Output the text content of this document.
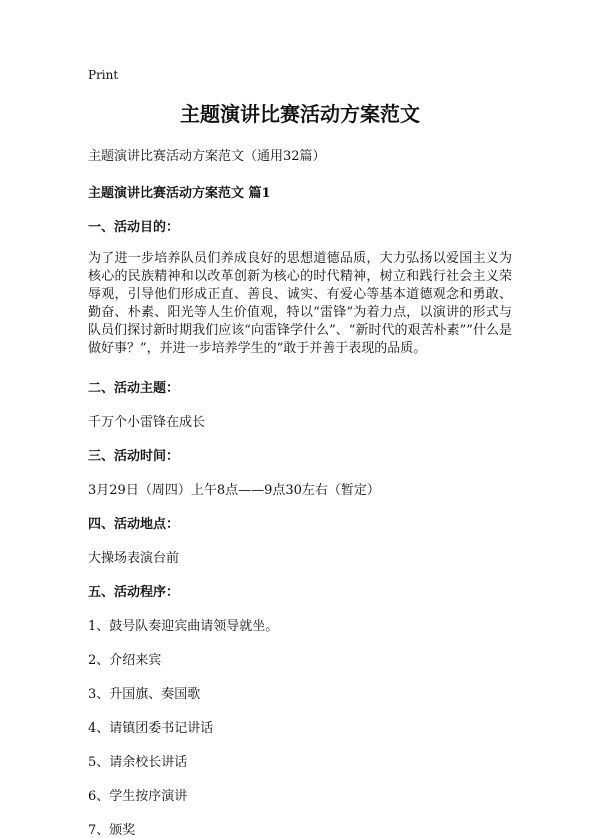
Print
主题演讲比赛活动方案范文
主题演讲比赛活动方案范文（通用32篇）
主题演讲比赛活动方案范文 篇1
一、活动目的：
为了进一步培养队员们养成良好的思想道德品质，大力弘扬以爱国主义为核心的民族精神和以改革创新为核心的时代精神，树立和践行社会主义荣辱观，引导他们形成正直、善良、诚实、有爱心等基本道德观念和勇敢、勤奋、朴素、阳光等人生价值观，特以“雷锋”为着力点，以演讲的形式与队员们探讨新时期我们应该“向雷锋学什么”、“新时代的艰苦朴素””什么是做好事？”，并进一步培养学生的“敢于并善于表现的品质。
二、活动主题：
千万个小雷锋在成长
三、活动时间：
3月29日（周四）上午8点——9点30左右（暂定）
四、活动地点：
大操场表演台前
五、活动程序：
1、鼓号队奏迎宾曲请领导就坐。
2、介绍来宾
3、升国旗、奏国歌
4、请镇团委书记讲话
5、请余校长讲话
6、学生按序演讲
7、颁奖
